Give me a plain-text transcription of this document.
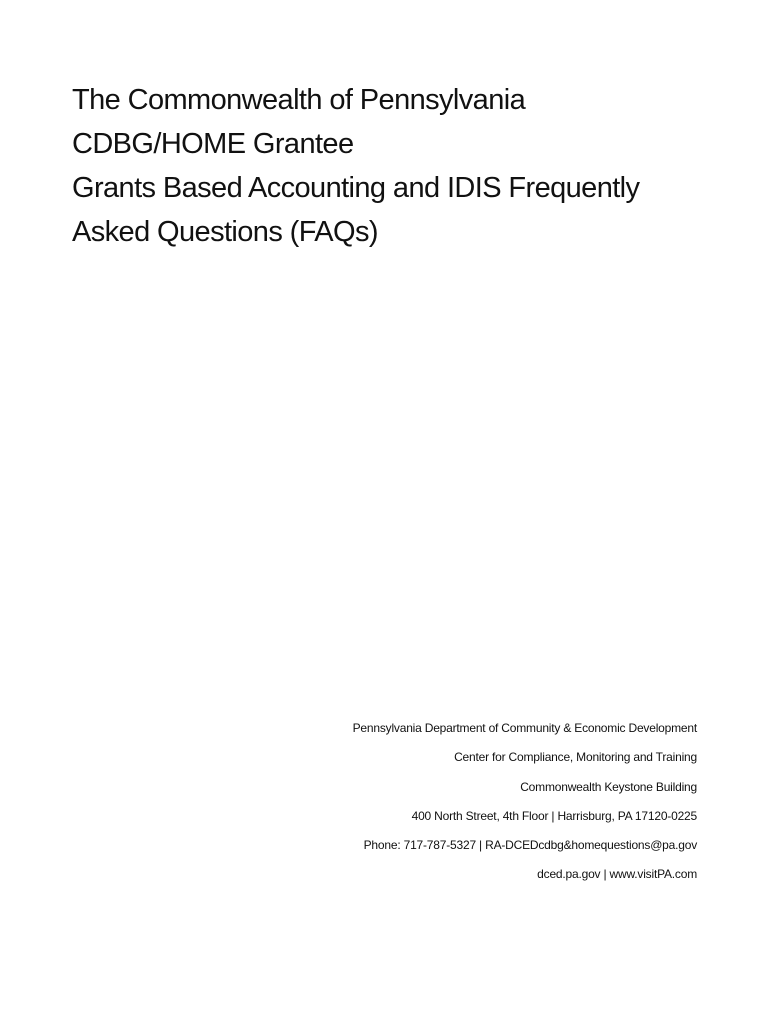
The Commonwealth of Pennsylvania
CDBG/HOME Grantee
Grants Based Accounting and IDIS Frequently
Asked Questions (FAQs)
Pennsylvania Department of Community & Economic Development
Center for Compliance, Monitoring and Training
Commonwealth Keystone Building
400 North Street, 4th Floor | Harrisburg, PA 17120-0225
Phone: 717-787-5327 | RA-DCEDcdbg&homequestions@pa.gov
dced.pa.gov | www.visitPA.com
